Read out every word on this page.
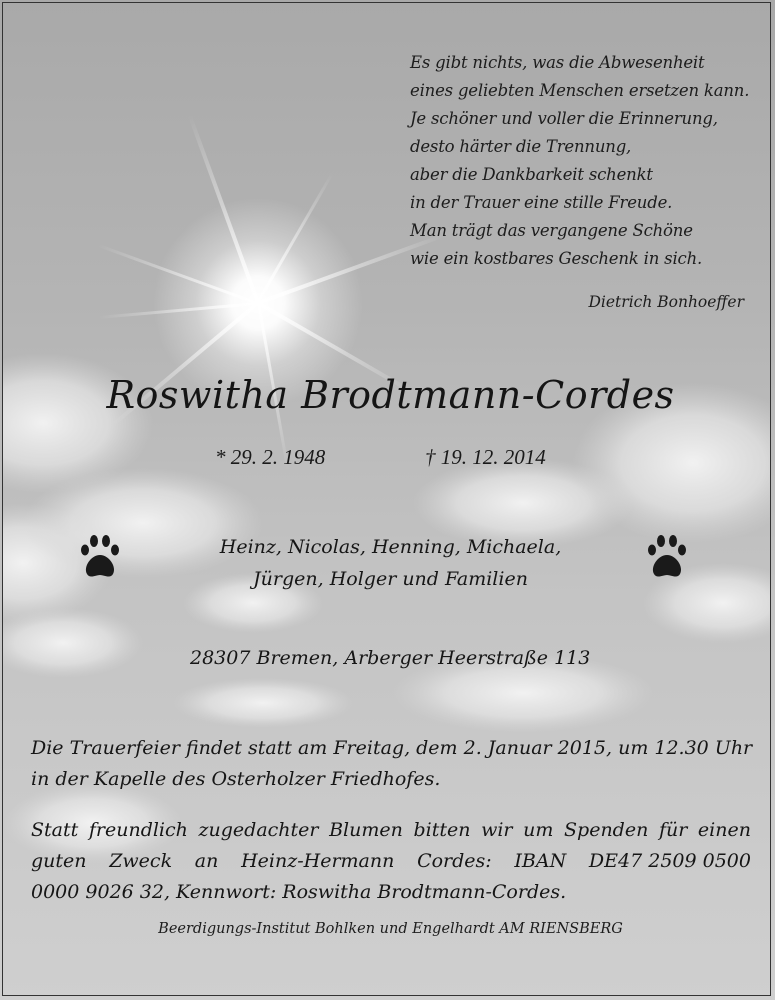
Es gibt nichts, was die Abwesenheit
eines geliebten Menschen ersetzen kann.
Je schöner und voller die Erinnerung,
desto härter die Trennung,
aber die Dankbarkeit schenkt
in der Trauer eine stille Freude.
Man trägt das vergangene Schöne
wie ein kostbares Geschenk in sich.
Dietrich Bonhoeffer
Roswitha Brodtmann-Cordes
* 29. 2. 1948	† 19. 12. 2014
Heinz, Nicolas, Henning, Michaela,
Jürgen, Holger und Familien
28307 Bremen, Arberger Heerstraße 113
Die Trauerfeier findet statt am Freitag, dem 2. Januar 2015, um 12.30 Uhr
in der Kapelle des Osterholzer Friedhofes.
Statt freundlich zugedachter Blumen bitten wir um Spenden für einen
guten Zweck an Heinz-Hermann Cordes: IBAN DE47 2509 0500
0000 9026 32, Kennwort: Roswitha Brodtmann-Cordes.
Beerdigungs-Institut Bohlken und Engelhardt AM RIENSBERG
